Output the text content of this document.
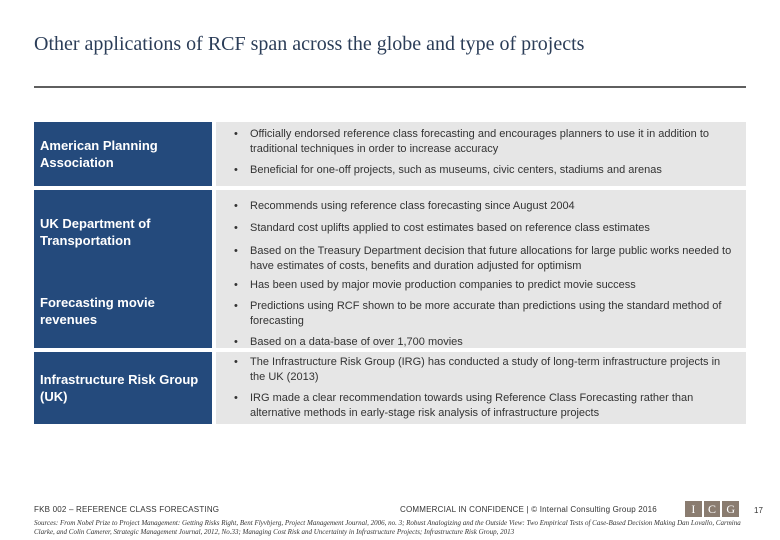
Other applications of RCF span across the globe and type of projects
American Planning Association
•	Officially endorsed reference class forecasting and encourages planners to use it in addition to traditional techniques in order to increase accuracy
•	Beneficial for one-off projects, such as museums, civic centers, stadiums and arenas
UK Department of Transportation
•	Recommends using reference class forecasting since August 2004
•	Standard cost uplifts applied to cost estimates based on reference class estimates
•	Based on the Treasury Department decision that future allocations for large public works needed to have estimates of costs, benefits and duration adjusted for optimism
Forecasting movie revenues
•	Has been used by major movie production companies to predict movie success
•	Predictions using RCF shown to be more accurate than predictions using the standard method of forecasting
•	Based on a data-base of over 1,700 movies
Infrastructure Risk Group (UK)
•	The Infrastructure Risk Group (IRG) has conducted a study of long-term infrastructure projects in the UK (2013)
•	IRG made a clear recommendation towards using Reference Class Forecasting rather than alternative methods in early-stage risk analysis of infrastructure projects
FKB 002 – REFERENCE CLASS FORECASTING	COMMERCIAL IN CONFIDENCE | © Internal Consulting Group 2016	I	C G	17
Sources: From Nobel Prize to Project Management: Getting Risks Right, Bent Flyvbjerg, Project Management Journal, 2006, no. 3; Robust Analogizing and the Outside View: Two Empirical Tests of Case-Based Decision Making Dan Lovallo, Carmina Clarke, and Colin Camerer, Strategic Management Journal, 2012, No.33; Managing Cost Risk and Uncertainty in Infrastructure Projects; Infrastructure Risk Group, 2013
